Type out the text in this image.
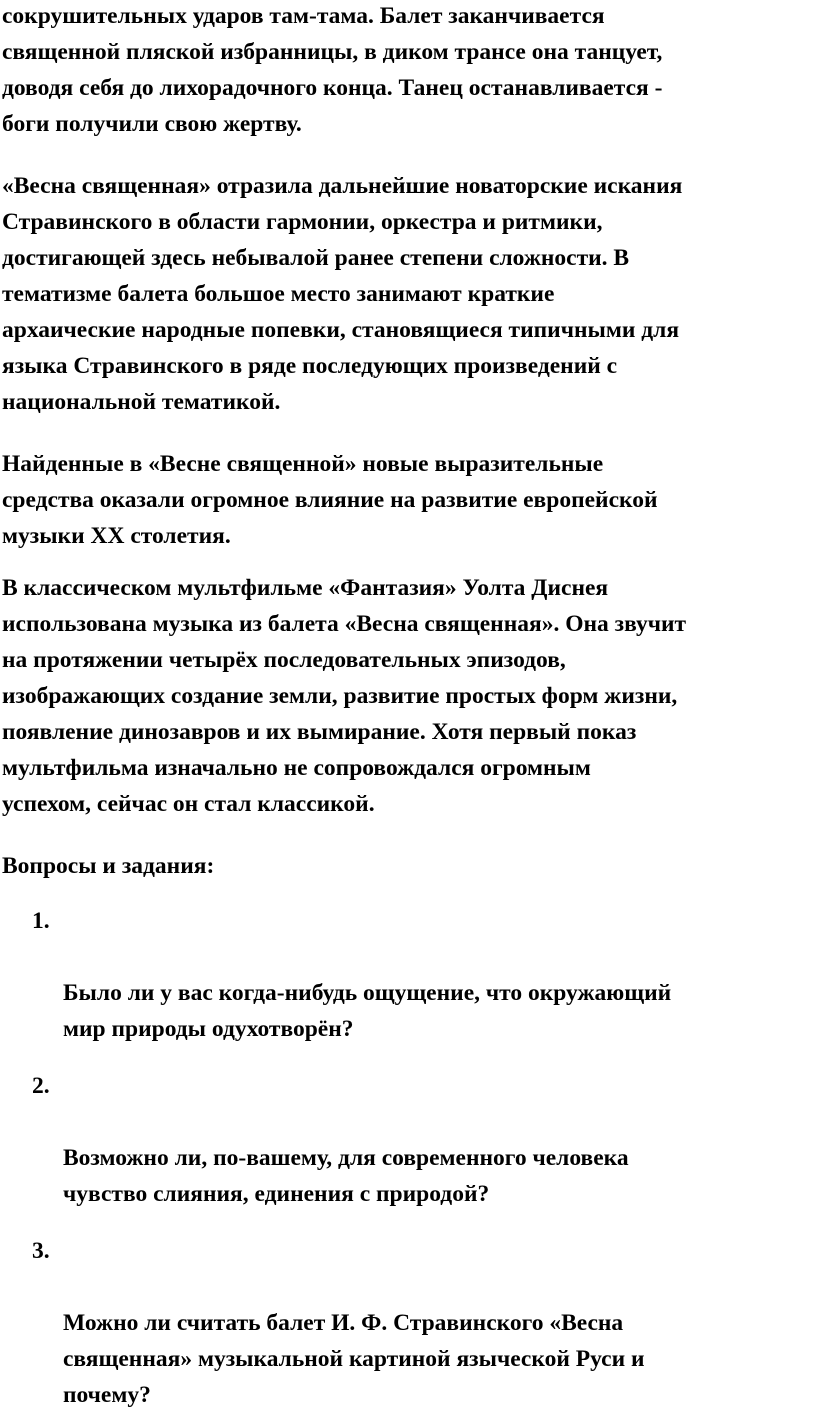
сокрушительных ударов там-тама. Балет заканчивается
священной пляской избранницы, в диком трансе она танцует,
доводя себя до лихорадочного конца. Танец останавливается -
боги получили свою жертву.

«Весна священная» отразила дальнейшие новаторские искания
Стравинского в области гармонии, оркестра и ритмики,
достигающей здесь небывалой ранее степени сложности. В
тематизме балета большое место занимают краткие
архаические народные попевки, становящиеся типичными для
языка Стравинского в ряде последующих произведений с
национальной тематикой.

Найденные в «Весне священной» новые выразительные
средства оказали огромное влияние на развитие европейской
музыки XX столетия.

В классическом мультфильме «Фантазия» Уолта Диснея
использована музыка из балета «Весна священная». Она звучит
на протяжении четырёх последовательных эпизодов,
изображающих создание земли, развитие простых форм жизни,
появление динозавров и их вымирание. Хотя первый показ
мультфильма изначально не сопровождался огромным
успехом, сейчас он стал классикой.

Вопросы и задания:

1.

Было ли у вас когда-нибудь ощущение, что окружающий
мир природы одухотворён?

2.

Возможно ли, по-вашему, для современного человека
чувство слияния, единения с природой?

3.

Можно ли считать балет И. Ф. Стравинского «Весна
священная» музыкальной картиной языческой Руси и
почему?
